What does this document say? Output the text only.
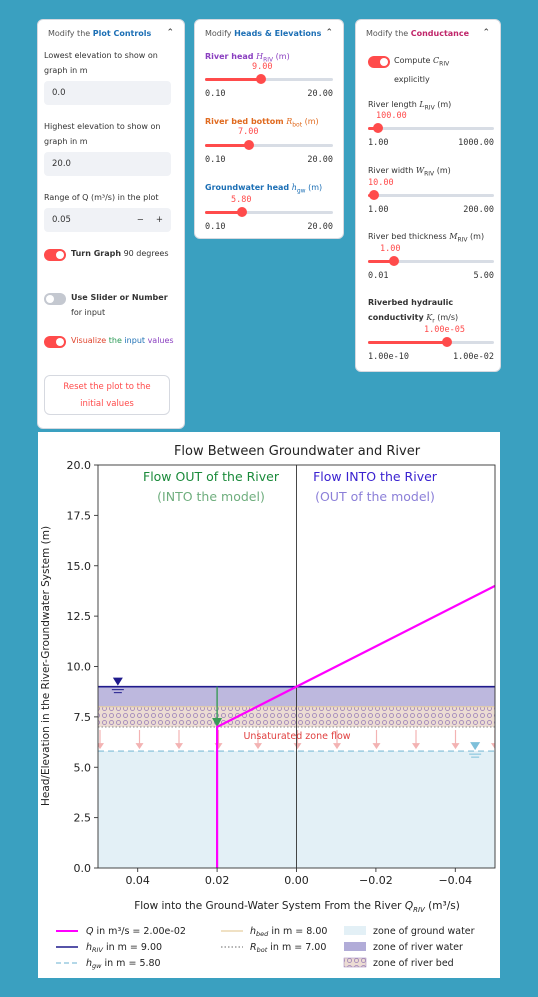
Modify the Plot Controls ⌃
Lowest elevation to show on graph in m
0.0
Highest elevation to show on graph in m
20.0
Range of Q (m³/s) in the plot
0.05	− +
Turn Graph 90 degrees
Use Slider or Number for input
Visualize the input values
Reset the plot to the initial values
Modify Heads & Elevations ⌃
River head $H_{RIV}$ (m)
9.00
0.10	20.00
River bed bottom $R_{bot}$ (m)
7.00
0.10	20.00
Groundwater head $h_{gw}$ (m)
5.80
0.10	20.00
Modify the Conductance ⌃
Compute $C_{RIV}$
explicitly
River length $L_{RIV}$ (m)
100.00
1.00	1000.00
River width $W_{RIV}$ (m)
10.00
1.00	200.00
River bed thickness $M_{RIV}$ (m)
1.00
0.01	5.00
Riverbed hydraulic
conductivity $K_r$ (m/s)
1.00e-05
1.00e-10	1.00e-02
Flow Between Groundwater and River
Flow OUT of the River
(INTO the model)
Flow INTO the River
(OUT of the model)
Unsaturated zone flow
0.0
2.5
5.0
7.5
10.0
12.5
15.0
17.5
20.0
0.04	0.02	0.00	−0.02	−0.04
Head/Elevation in the River-Groundwater System (m)
Flow into the Ground-Water System From the River $Q_{RIV}$ (m³/s)
Q in m³/s = 2.00e-02
$h_{RIV}$ in m = 9.00
$h_{gw}$ in m = 5.80
$h_{bed}$ in m = 8.00
$R_{bot}$ in m = 7.00
zone of ground water
zone of river water
zone of river bed
